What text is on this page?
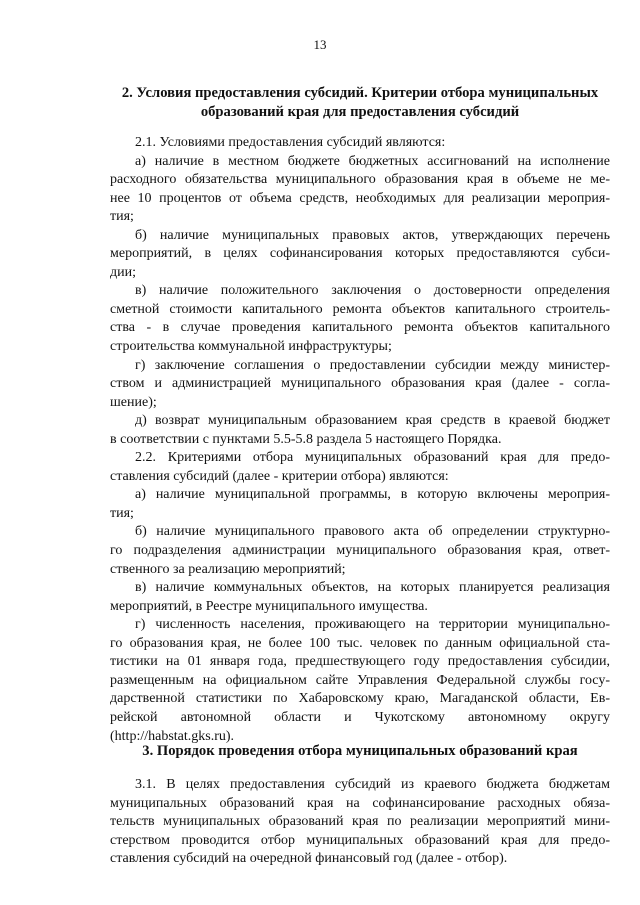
13
2. Условия предоставления субсидий. Критерии отбора муниципальных
образований края для предоставления субсидий
2.1. Условиями предоставления субсидий являются:
а) наличие в местном бюджете бюджетных ассигнований на исполнение
расходного обязательства муниципального образования края в объеме не ме-
нее 10 процентов от объема средств, необходимых для реализации мероприя-
тия;
б) наличие муниципальных правовых актов, утверждающих перечень
мероприятий, в целях софинансирования которых предоставляются субси-
дии;
в) наличие положительного заключения о достоверности определения
сметной стоимости капитального ремонта объектов капитального строитель-
ства - в случае проведения капитального ремонта объектов капитального
строительства коммунальной инфраструктуры;
г) заключение соглашения о предоставлении субсидии между министер-
ством и администрацией муниципального образования края (далее - согла-
шение);
д) возврат муниципальным образованием края средств в краевой бюджет
в соответствии с пунктами 5.5-5.8 раздела 5 настоящего Порядка.
2.2. Критериями отбора муниципальных образований края для предо-
ставления субсидий (далее - критерии отбора) являются:
а) наличие муниципальной программы, в которую включены мероприя-
тия;
б) наличие муниципального правового акта об определении структурно-
го подразделения администрации муниципального образования края, ответ-
ственного за реализацию мероприятий;
в) наличие коммунальных объектов, на которых планируется реализация
мероприятий, в Реестре муниципального имущества.
г) численность населения, проживающего на территории муниципально-
го образования края, не более 100 тыс. человек по данным официальной ста-
тистики на 01 января года, предшествующего году предоставления субсидии,
размещенным на официальном сайте Управления Федеральной службы госу-
дарственной статистики по Хабаровскому краю, Магаданской области, Ев-
рейской автономной области и Чукотскому автономному округу
(http://habstat.gks.ru).
3. Порядок проведения отбора муниципальных образований края
3.1. В целях предоставления субсидий из краевого бюджета бюджетам
муниципальных образований края на софинансирование расходных обяза-
тельств муниципальных образований края по реализации мероприятий мини-
стерством проводится отбор муниципальных образований края для предо-
ставления субсидий на очередной финансовый год (далее - отбор).
